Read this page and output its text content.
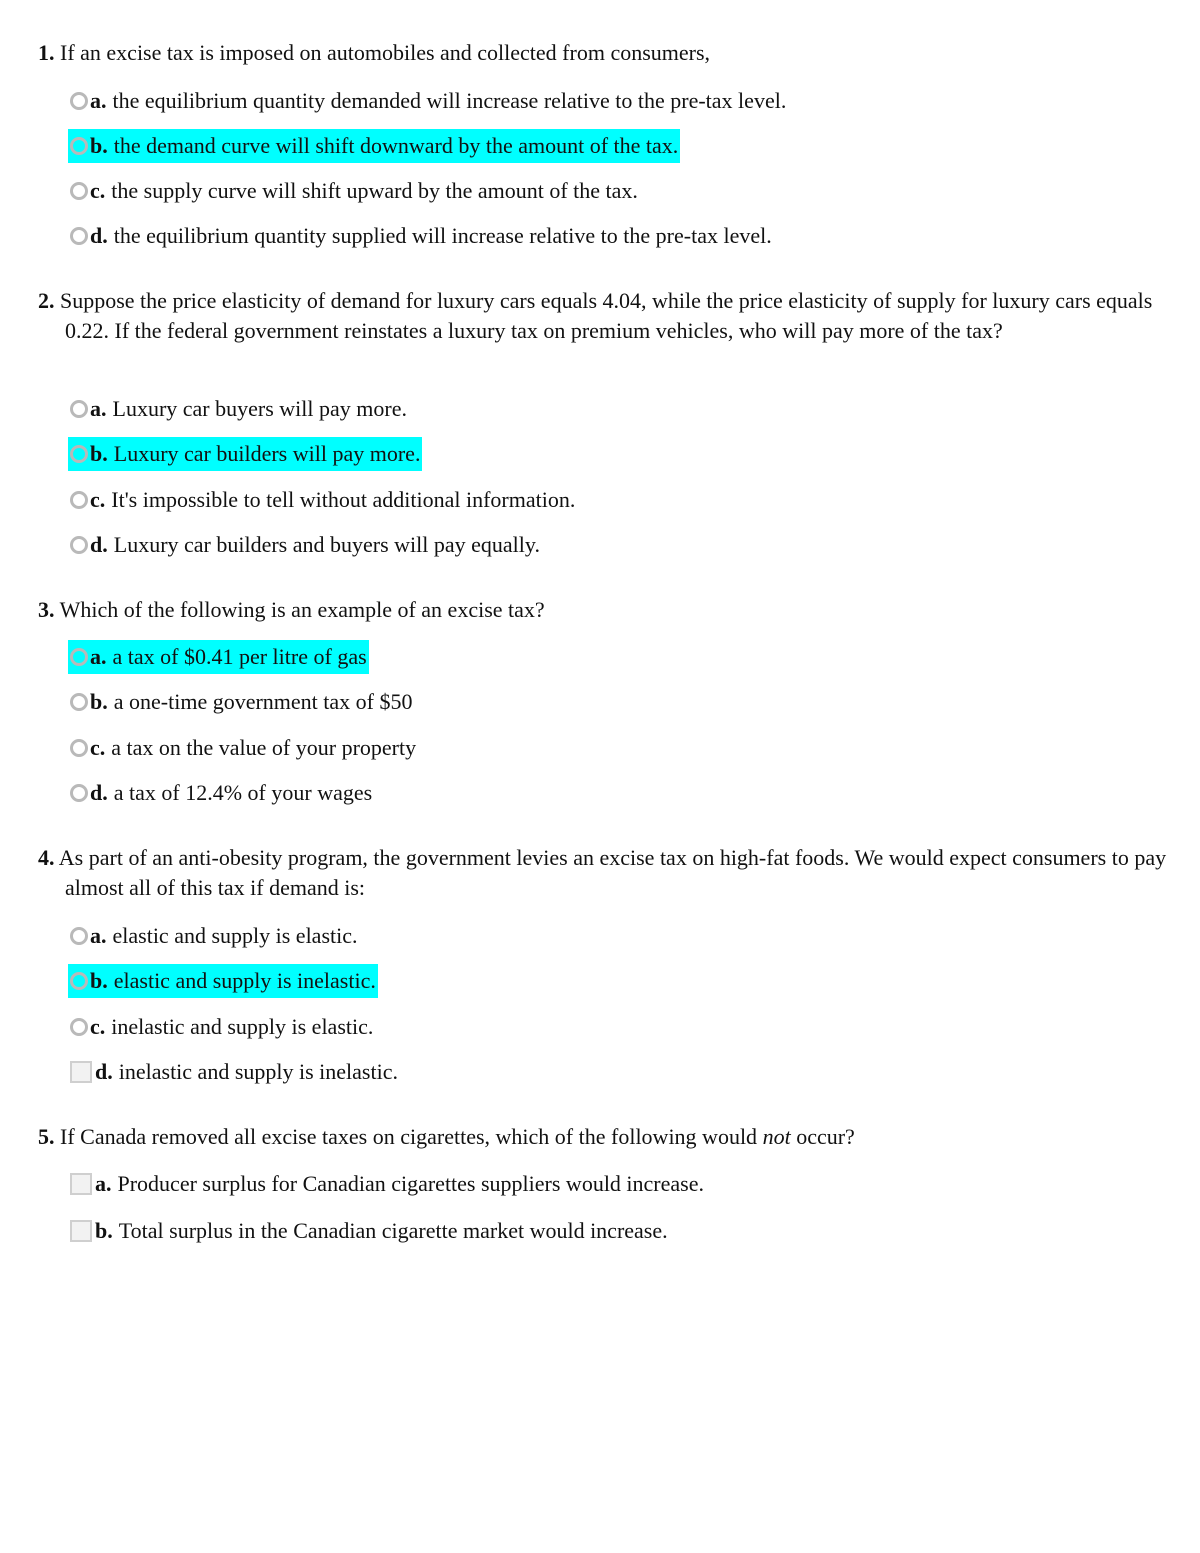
1. If an excise tax is imposed on automobiles and collected from consumers,

a. the equilibrium quantity demanded will increase relative to the pre-tax level.
b. the demand curve will shift downward by the amount of the tax.
c. the supply curve will shift upward by the amount of the tax.
d. the equilibrium quantity supplied will increase relative to the pre-tax level.

2. Suppose the price elasticity of demand for luxury cars equals 4.04, while the price elasticity of supply for luxury cars equals 0.22. If the federal government reinstates a luxury tax on premium vehicles, who will pay more of the tax?

a. Luxury car buyers will pay more.
b. Luxury car builders will pay more.
c. It's impossible to tell without additional information.
d. Luxury car builders and buyers will pay equally.

3. Which of the following is an example of an excise tax?

a. a tax of $0.41 per litre of gas
b. a one-time government tax of $50
c. a tax on the value of your property
d. a tax of 12.4% of your wages

4. As part of an anti-obesity program, the government levies an excise tax on high-fat foods. We would expect consumers to pay almost all of this tax if demand is:

a. elastic and supply is elastic.
b. elastic and supply is inelastic.
c. inelastic and supply is elastic.
d. inelastic and supply is inelastic.

5. If Canada removed all excise taxes on cigarettes, which of the following would not occur?

a. Producer surplus for Canadian cigarettes suppliers would increase.
b. Total surplus in the Canadian cigarette market would increase.
